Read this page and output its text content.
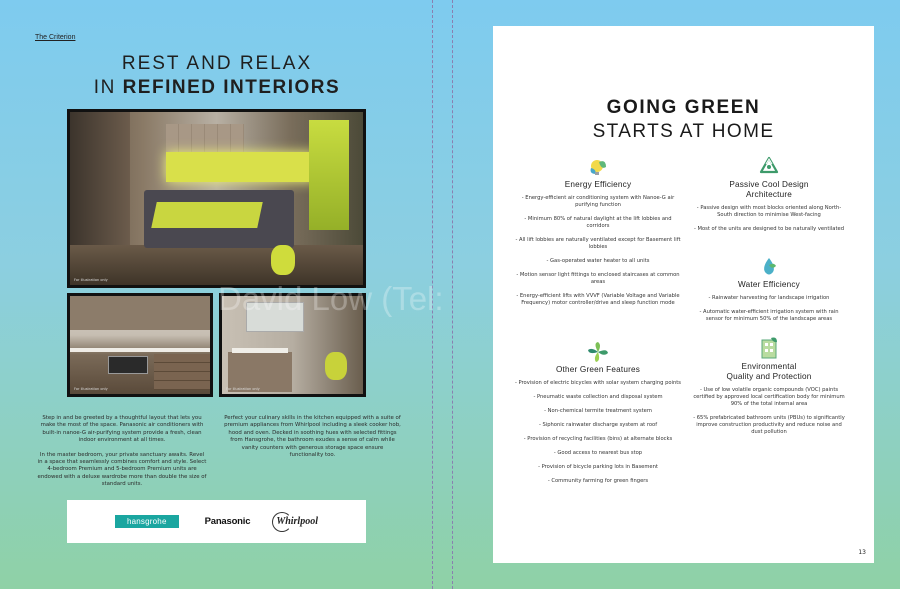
The Criterion
REST AND RELAX
IN REFINED INTERIORS
For illustration only
For illustration only	For illustration only

Step in and be greeted by a thoughtful layout that lets you make the most of the space. Panasonic air conditioners with built-in nanoe-G air-purifying system provide a fresh, clean indoor environment at all times.

In the master bedroom, your private sanctuary awaits. Revel in a space that seamlessly combines comfort and style. Select 4-bedroom Premium and 5-bedroom Premium units are endowed with a deluxe wardrobe more than double the size of standard units.

Perfect your culinary skills in the kitchen equipped with a suite of premium appliances from Whirlpool including a sleek cooker hob, hood and oven. Decked in soothing hues with selected fittings from Hansgrohe, the bathroom exudes a sense of calm while vanity counters with generous storage space ensure functionality too.

hansgrohe	Panasonic	Whirlpool
GOING GREEN
STARTS AT HOME
Energy Efficiency
- Energy-efficient air conditioning system with Nanoe-G air purifying function
- Minimum 80% of natural daylight at the lift lobbies and corridors
- All lift lobbies are naturally ventilated except for Basement lift lobbies
- Gas-operated water heater to all units
- Motion sensor light fittings to enclosed staircases at common areas
- Energy-efficient lifts with VVVF (Variable Voltage and Variable Frequency) motor controller/drive and sleep function mode
Passive Cool Design
Architecture
- Passive design with most blocks oriented along North-South direction to minimise West-facing
- Most of the units are designed to be naturally ventilated
Water Efficiency
- Rainwater harvesting for landscape irrigation
- Automatic water-efficient irrigation system with rain sensor for minimum 50% of the landscape areas
Other Green Features
- Provision of electric bicycles with solar system charging points
- Pneumatic waste collection and disposal system
- Non-chemical termite treatment system
- Siphonic rainwater discharge system at roof
- Provision of recycling facilities (bins) at alternate blocks
- Good access to nearest bus stop
- Provision of bicycle parking lots in Basement
- Community farming for green fingers
Environmental
Quality and Protection
- Use of low volatile organic compounds (VOC) paints certified by approved local certification body for minimum 90% of the total internal area
- 65% prefabricated bathroom units (PBUs) to significantly improve construction productivity and reduce noise and dust pollution
13
David Low (Tel:
